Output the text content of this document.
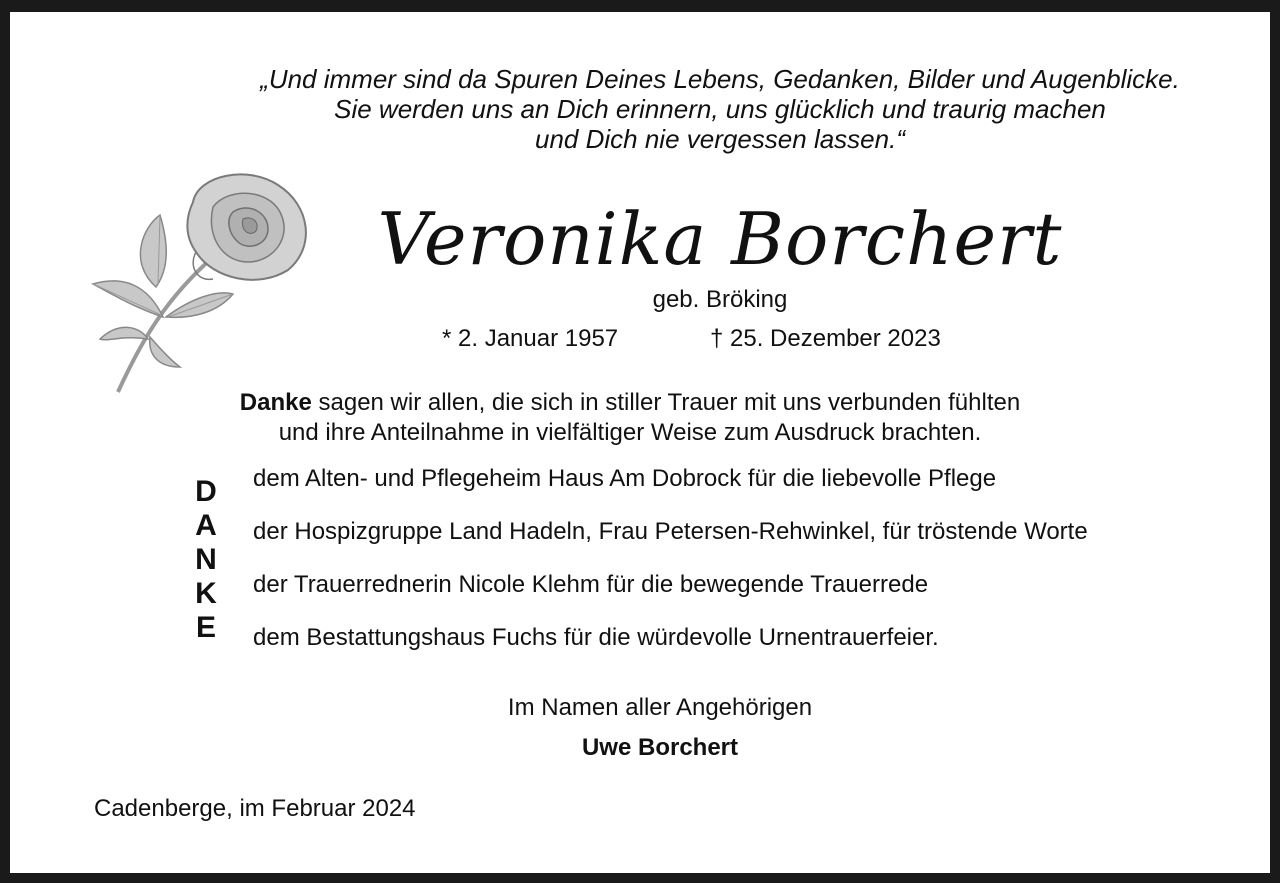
„Und immer sind da Spuren Deines Lebens, Gedanken, Bilder und Augenblicke.
Sie werden uns an Dich erinnern, uns glücklich und traurig machen
und Dich nie vergessen lassen.“
Veronika Borchert
geb. Bröking
* 2. Januar 1957	† 25. Dezember 2023
Danke sagen wir allen, die sich in stiller Trauer mit uns verbunden fühlten
und ihre Anteilnahme in vielfältiger Weise zum Ausdruck brachten.
D
A
N
K
E
dem Alten- und Pflegeheim Haus Am Dobrock für die liebevolle Pflege
der Hospizgruppe Land Hadeln, Frau Petersen-Rehwinkel, für tröstende Worte
der Trauerrednerin Nicole Klehm für die bewegende Trauerrede
dem Bestattungshaus Fuchs für die würdevolle Urnentrauerfeier.
Im Namen aller Angehörigen
Uwe Borchert
Cadenberge, im Februar 2024
